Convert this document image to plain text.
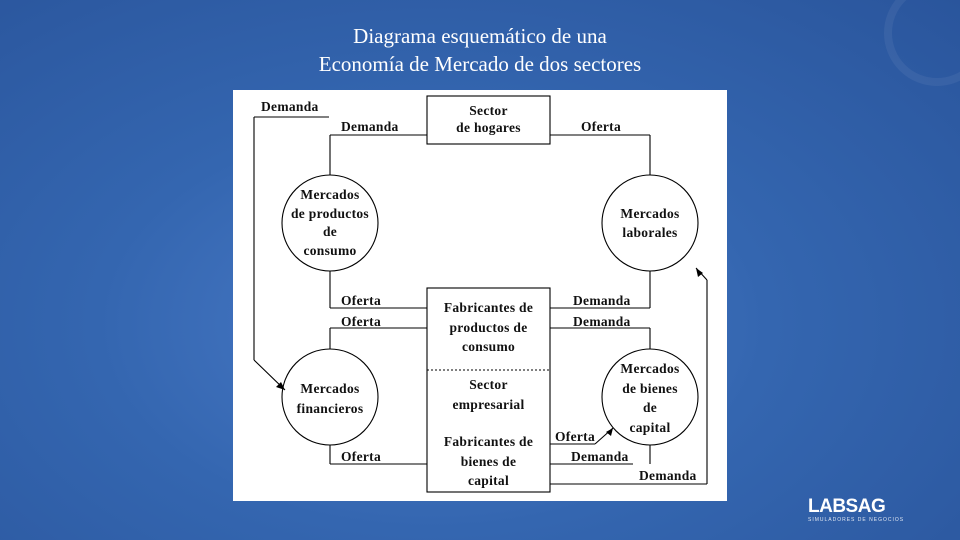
Diagrama esquemático de una
Economía de Mercado de dos sectores
Demanda
Demanda
Sector
de hogares	Oferta
Mercados
de productos
de
consumo
Mercados
laborales
Oferta
Oferta
Fabricantes de
productos de
consumo
Demanda
Demanda
Mercados
financieros
Sector
empresarial
Mercados
de bienes
de
capital
Oferta
Fabricantes de
bienes de
capital
Demanda
Demanda
Oferta
LABSAG
SIMULADORES DE NEGOCIOS
